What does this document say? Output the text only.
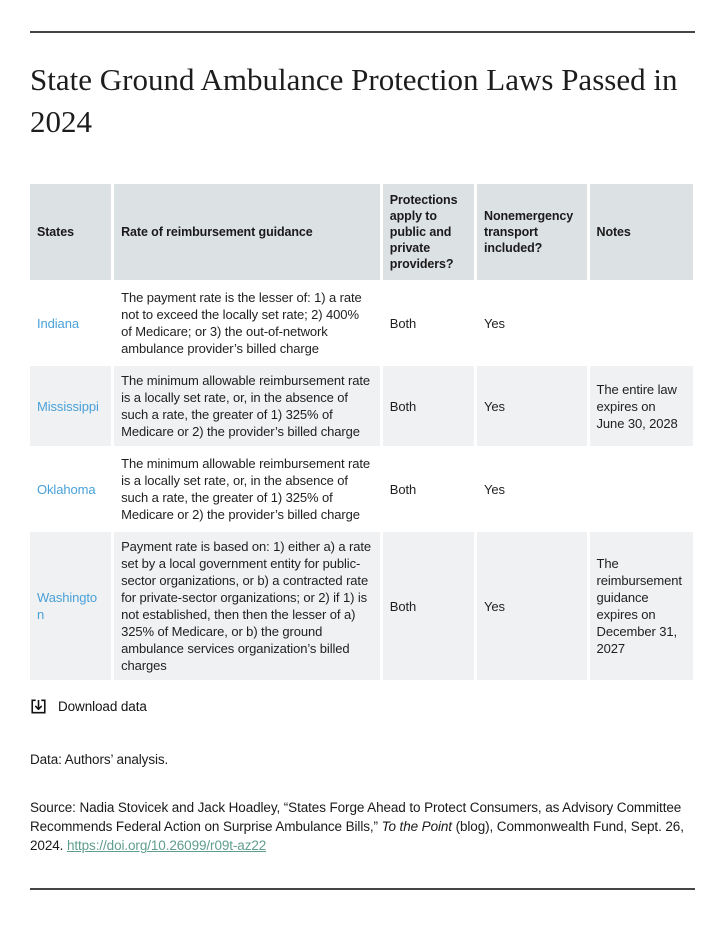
State Ground Ambulance Protection Laws Passed in 2024
States	Rate of reimbursement guidance	Protections apply to public and private providers?	Nonemergency transport included?	Notes
Indiana	The payment rate is the lesser of: 1) a rate not to exceed the locally set rate; 2) 400% of Medicare; or 3) the out-of-network ambulance provider’s billed charge	Both	Yes	
Mississippi	The minimum allowable reimbursement rate is a locally set rate, or, in the absence of such a rate, the greater of 1) 325% of Medicare or 2) the provider’s billed charge	Both	Yes	The entire law expires on June 30, 2028
Oklahoma	The minimum allowable reimbursement rate is a locally set rate, or, in the absence of such a rate, the greater of 1) 325% of Medicare or 2) the provider’s billed charge	Both	Yes	
Washington	Payment rate is based on: 1) either a) a rate set by a local government entity for public-sector organizations, or b) a contracted rate for private-sector organizations; or 2) if 1) is not established, then then the lesser of a) 325% of Medicare, or b) the ground ambulance services organization’s billed charges	Both	Yes	The reimbursement guidance expires on December 31, 2027
Download data

Data: Authors’ analysis.

Source: Nadia Stovicek and Jack Hoadley, “States Forge Ahead to Protect Consumers, as Advisory Committee Recommends Federal Action on Surprise Ambulance Bills,” To the Point (blog), Commonwealth Fund, Sept. 26, 2024. https://doi.org/10.26099/r09t-az22
